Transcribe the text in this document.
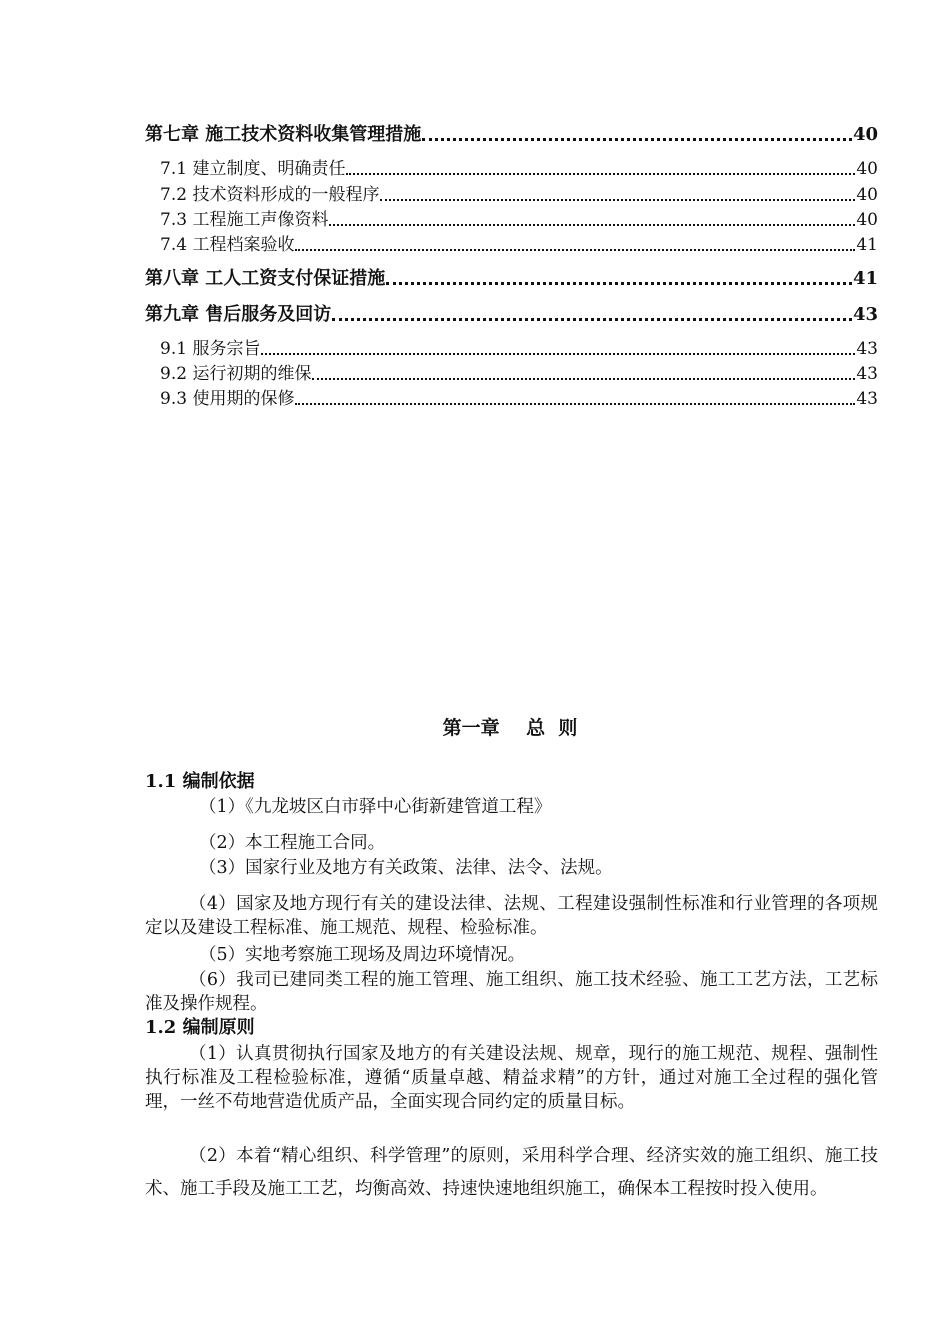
第七章 施工技术资料收集管理措施	40
7.1 建立制度、明确责任	40
7.2 技术资料形成的一般程序	40
7.3 工程施工声像资料	40
7.4 工程档案验收	41
第八章 工人工资支付保证措施	41
第九章 售后服务及回访	43
9.1 服务宗旨	43
9.2 运行初期的维保	43
9.3 使用期的保修	43
第一章    总  则
1.1 编制依据
（1）《九龙坡区白市驿中心街新建管道工程》
（2）本工程施工合同。
（3）国家行业及地方有关政策、法律、法令、法规。
（4）国家及地方现行有关的建设法律、法规、工程建设强制性标准和行业管理的各项规定以及建设工程标准、施工规范、规程、检验标准。
（5）实地考察施工现场及周边环境情况。
（6）我司已建同类工程的施工管理、施工组织、施工技术经验、施工工艺方法，工艺标准及操作规程。
1.2 编制原则
（1）认真贯彻执行国家及地方的有关建设法规、规章，现行的施工规范、规程、强制性执行标准及工程检验标准，遵循“质量卓越、精益求精”的方针，通过对施工全过程的强化管理，一丝不苟地营造优质产品，全面实现合同约定的质量目标。
（2）本着“精心组织、科学管理”的原则，采用科学合理、经济实效的施工组织、施工技术、施工手段及施工工艺，均衡高效、持速快速地组织施工，确保本工程按时投入使用。
